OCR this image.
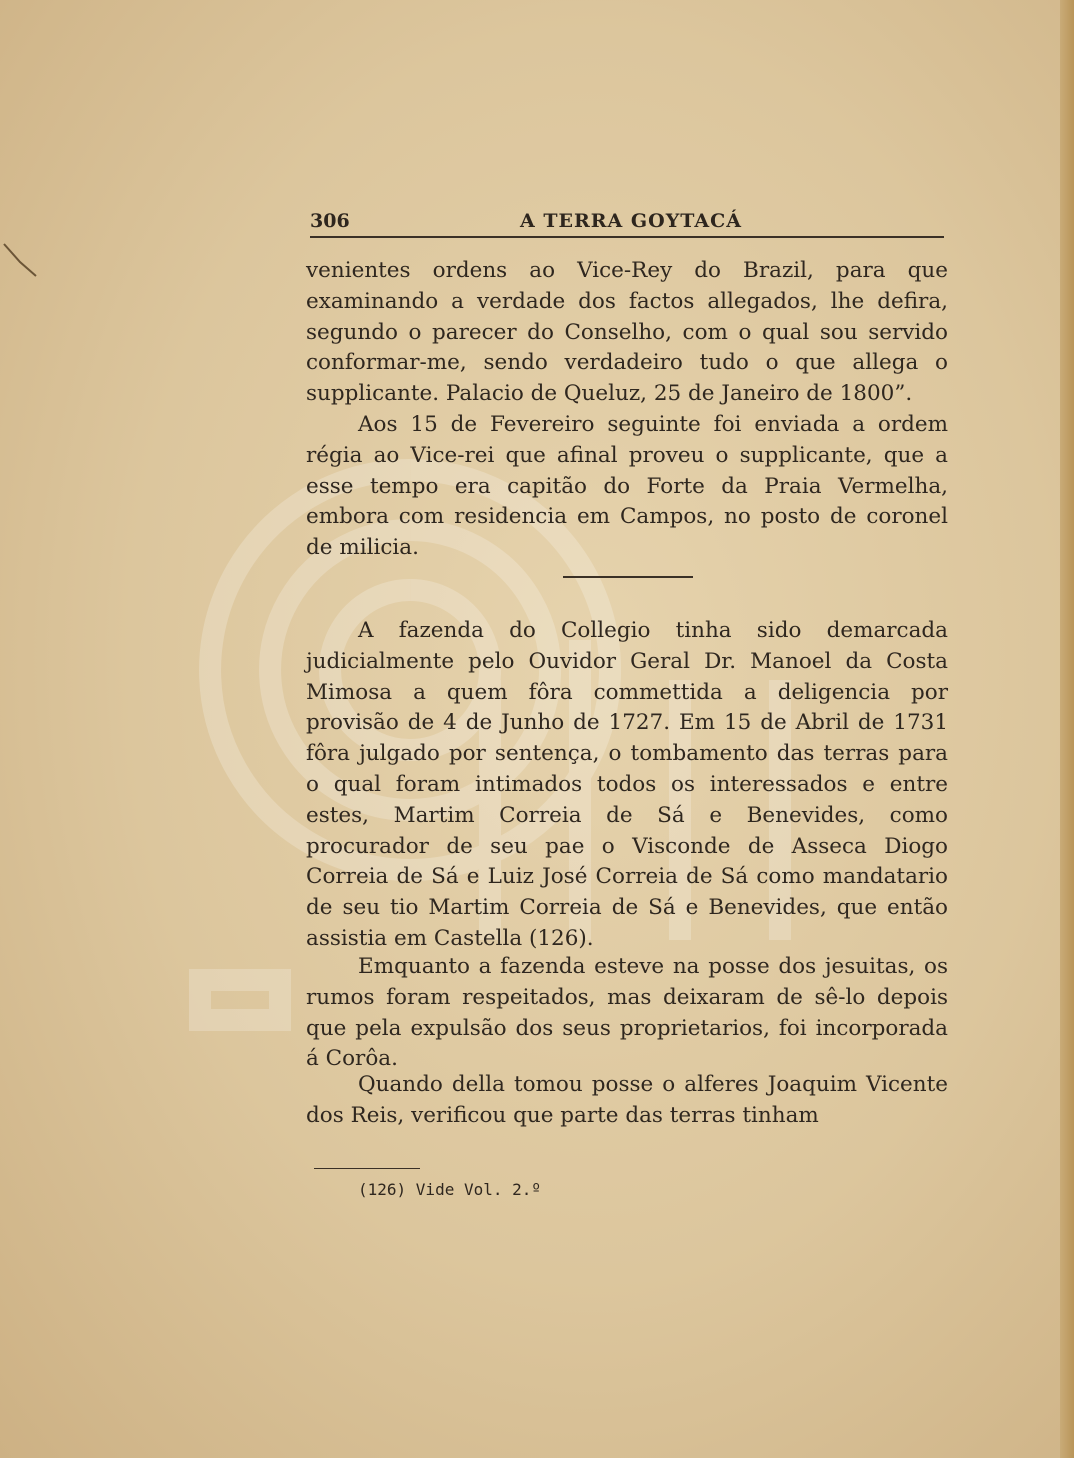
306	A TERRA GOYTACÁ

venientes ordens ao Vice-Rey do Brazil, para que examinando a verdade dos factos allegados, lhe defira, segundo o parecer do Conselho, com o qual sou servido conformar-me, sendo verdadeiro tudo o que allega o supplicante. Palacio de Queluz, 25 de Janeiro de 1800”.

Aos 15 de Fevereiro seguinte foi enviada a ordem régia ao Vice-rei que afinal proveu o supplicante, que a esse tempo era capitão do Forte da Praia Vermelha, embora com residencia em Campos, no posto de coronel de milicia.

A fazenda do Collegio tinha sido demarcada judicialmente pelo Ouvidor Geral Dr. Manoel da Costa Mimosa a quem fôra commettida a deligencia por provisão de 4 de Junho de 1727. Em 15 de Abril de 1731 fôra julgado por sentença, o tombamento das terras para o qual foram intimados todos os interessados e entre estes, Martim Correia de Sá e Benevides, como procurador de seu pae o Visconde de Asseca Diogo Correia de Sá e Luiz José Correia de Sá como mandatario de seu tio Martim Correia de Sá e Benevides, que então assistia em Castella (126).

Emquanto a fazenda esteve na posse dos jesuitas, os rumos foram respeitados, mas deixaram de sê-lo depois que pela expulsão dos seus proprietarios, foi incorporada á Corôa.

Quando della tomou posse o alferes Joaquim Vicente dos Reis, verificou que parte das terras tinham

(126) Vide Vol. 2.º
